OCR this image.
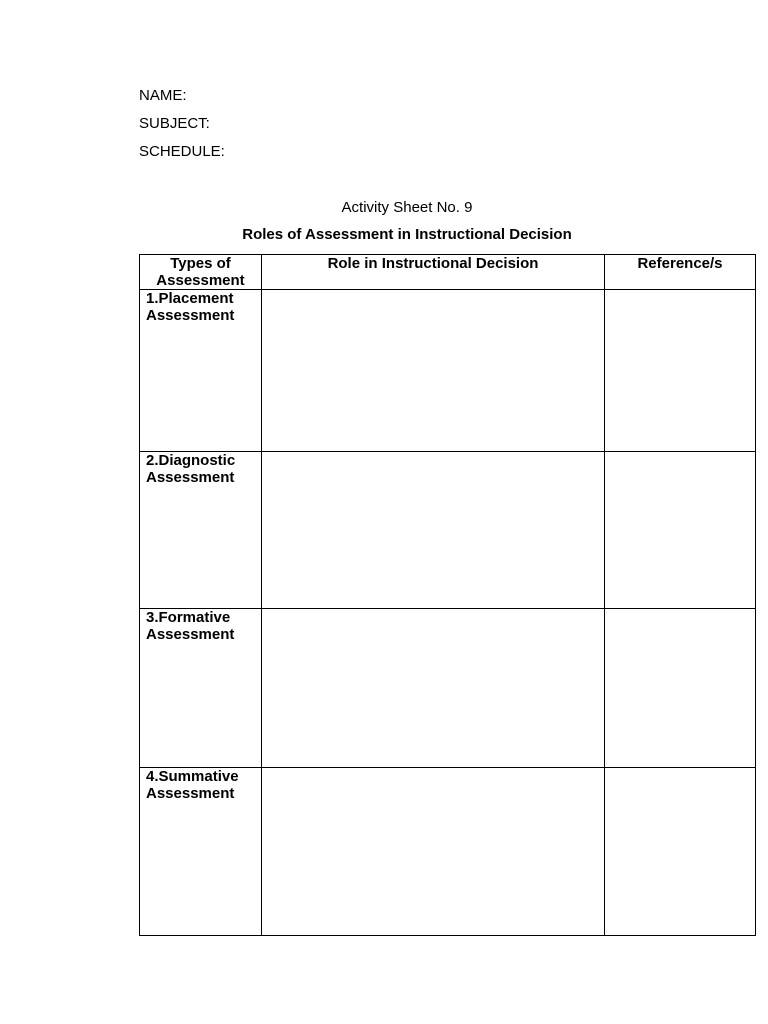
NAME:
SUBJECT:
SCHEDULE:
Activity Sheet No. 9
Roles of Assessment in Instructional Decision
Types of
Assessment	Role in Instructional Decision	Reference/s
1.Placement
Assessment		
2.Diagnostic
Assessment		
3.Formative
Assessment		
4.Summative
Assessment		
